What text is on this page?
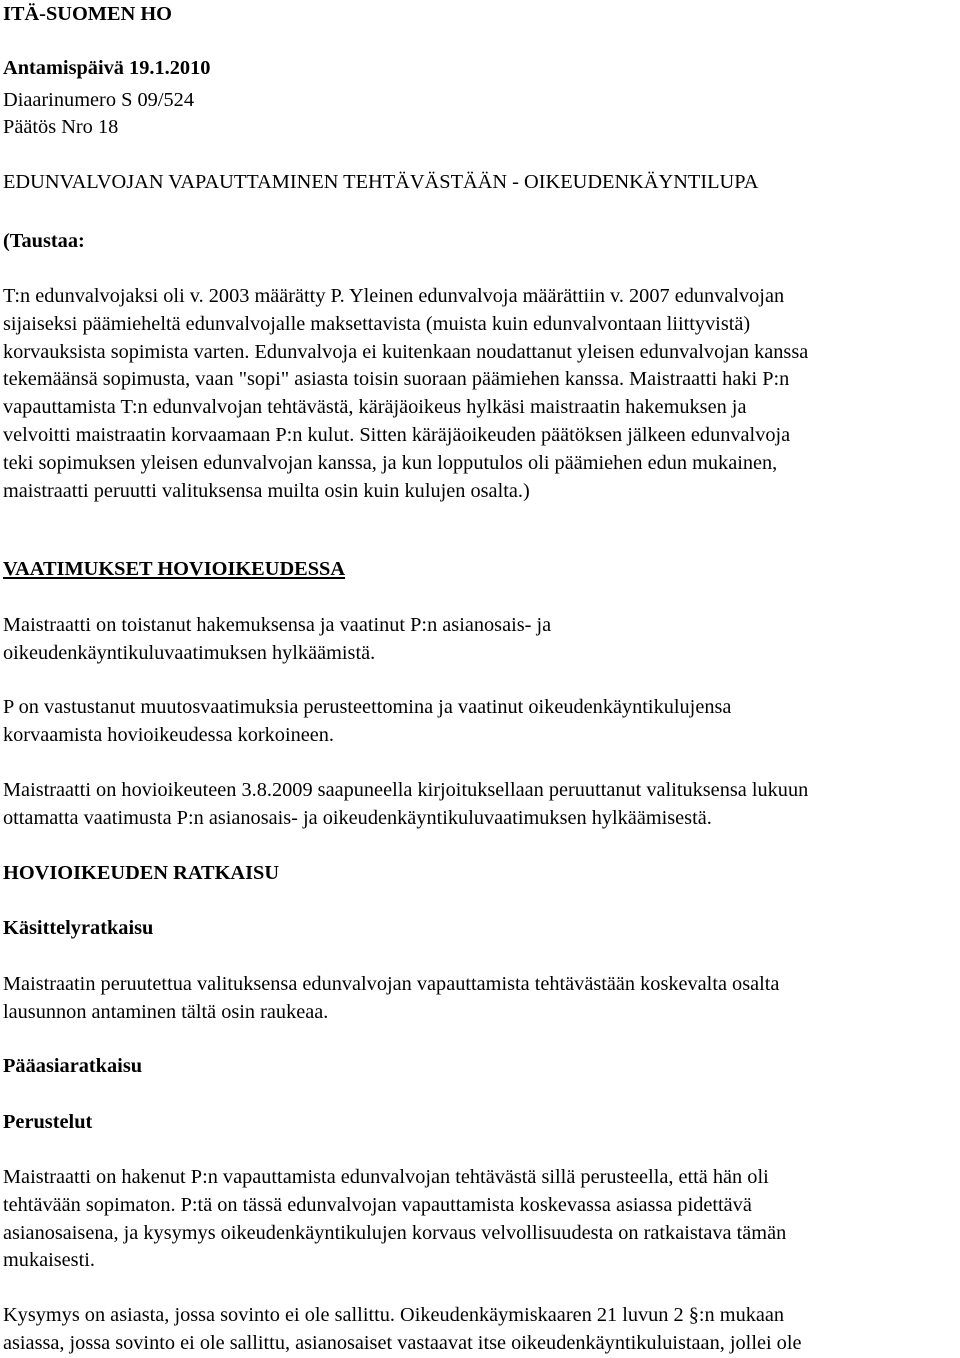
ITÄ-SUOMEN HO
Antamispäivä 19.1.2010
Diaarinumero S 09/524
Päätös Nro 18
EDUNVALVOJAN VAPAUTTAMINEN TEHTÄVÄSTÄÄN - OIKEUDENKÄYNTILUPA
(Taustaa:
T:n edunvalvojaksi oli v. 2003 määrätty P. Yleinen edunvalvoja määrättiin v. 2007 edunvalvojan
sijaiseksi päämieheltä edunvalvojalle maksettavista (muista kuin edunvalvontaan liittyvistä)
korvauksista sopimista varten. Edunvalvoja ei kuitenkaan noudattanut yleisen edunvalvojan kanssa
tekemäänsä sopimusta, vaan "sopi" asiasta toisin suoraan päämiehen kanssa. Maistraatti haki P:n
vapauttamista T:n edunvalvojan tehtävästä, käräjäoikeus hylkäsi maistraatin hakemuksen ja
velvoitti maistraatin korvaamaan P:n kulut. Sitten käräjäoikeuden päätöksen jälkeen edunvalvoja
teki sopimuksen yleisen edunvalvojan kanssa, ja kun lopputulos oli päämiehen edun mukainen,
maistraatti peruutti valituksensa muilta osin kuin kulujen osalta.)
VAATIMUKSET HOVIOIKEUDESSA
Maistraatti on toistanut hakemuksensa ja vaatinut P:n asianosais- ja
oikeudenkäyntikuluvaatimuksen hylkäämistä.
P on vastustanut muutosvaatimuksia perusteettomina ja vaatinut oikeudenkäyntikulujensa
korvaamista hovioikeudessa korkoineen.
Maistraatti on hovioikeuteen 3.8.2009 saapuneella kirjoituksellaan peruuttanut valituksensa lukuun
ottamatta vaatimusta P:n asianosais- ja oikeudenkäyntikuluvaatimuksen hylkäämisestä.
HOVIOIKEUDEN RATKAISU
Käsittelyratkaisu
Maistraatin peruutettua valituksensa edunvalvojan vapauttamista tehtävästään koskevalta osalta
lausunnon antaminen tältä osin raukeaa.
Pääasiaratkaisu
Perustelut
Maistraatti on hakenut P:n vapauttamista edunvalvojan tehtävästä sillä perusteella, että hän oli
tehtävään sopimaton. P:tä on tässä edunvalvojan vapauttamista koskevassa asiassa pidettävä
asianosaisena, ja kysymys oikeudenkäyntikulujen korvaus velvollisuudesta on ratkaistava tämän
mukaisesti.
Kysymys on asiasta, jossa sovinto ei ole sallittu. Oikeudenkäymiskaaren 21 luvun 2 §:n mukaan
asiassa, jossa sovinto ei ole sallittu, asianosaiset vastaavat itse oikeudenkäyntikuluistaan, jollei ole
